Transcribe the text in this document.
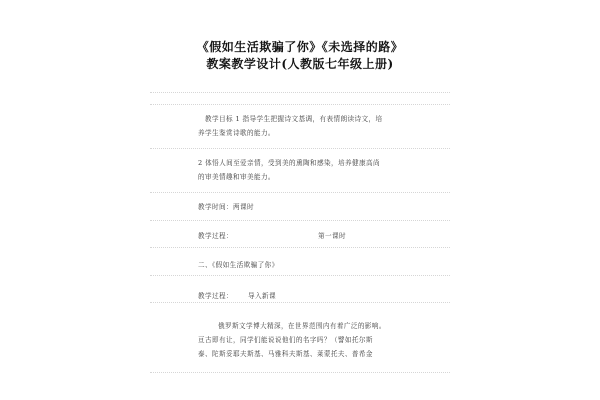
《假如生活欺骗了你》《未选择的路》
教案教学设计(人教版七年级上册)
教学目标 1 指导学生把握诗文基调，有表情朗读诗文，培
养学生鉴赏诗歌的能力。
2 体悟人间至爱亲情，受到美的熏陶和感染，培养健康高尚
的审美情趣和审美能力。
教学时间：两课时
教学过程：	第一课时
二、《假如生活欺骗了你》
教学过程： 导入新课
俄罗斯文学博大精深，在世界范围内有着广泛的影响。
亘古即有让，同学们能说说他们的名字吗？（譬如托尔斯
泰、陀斯妥耶夫斯基、马雅科夫斯基、莱蒙托夫、普希金
